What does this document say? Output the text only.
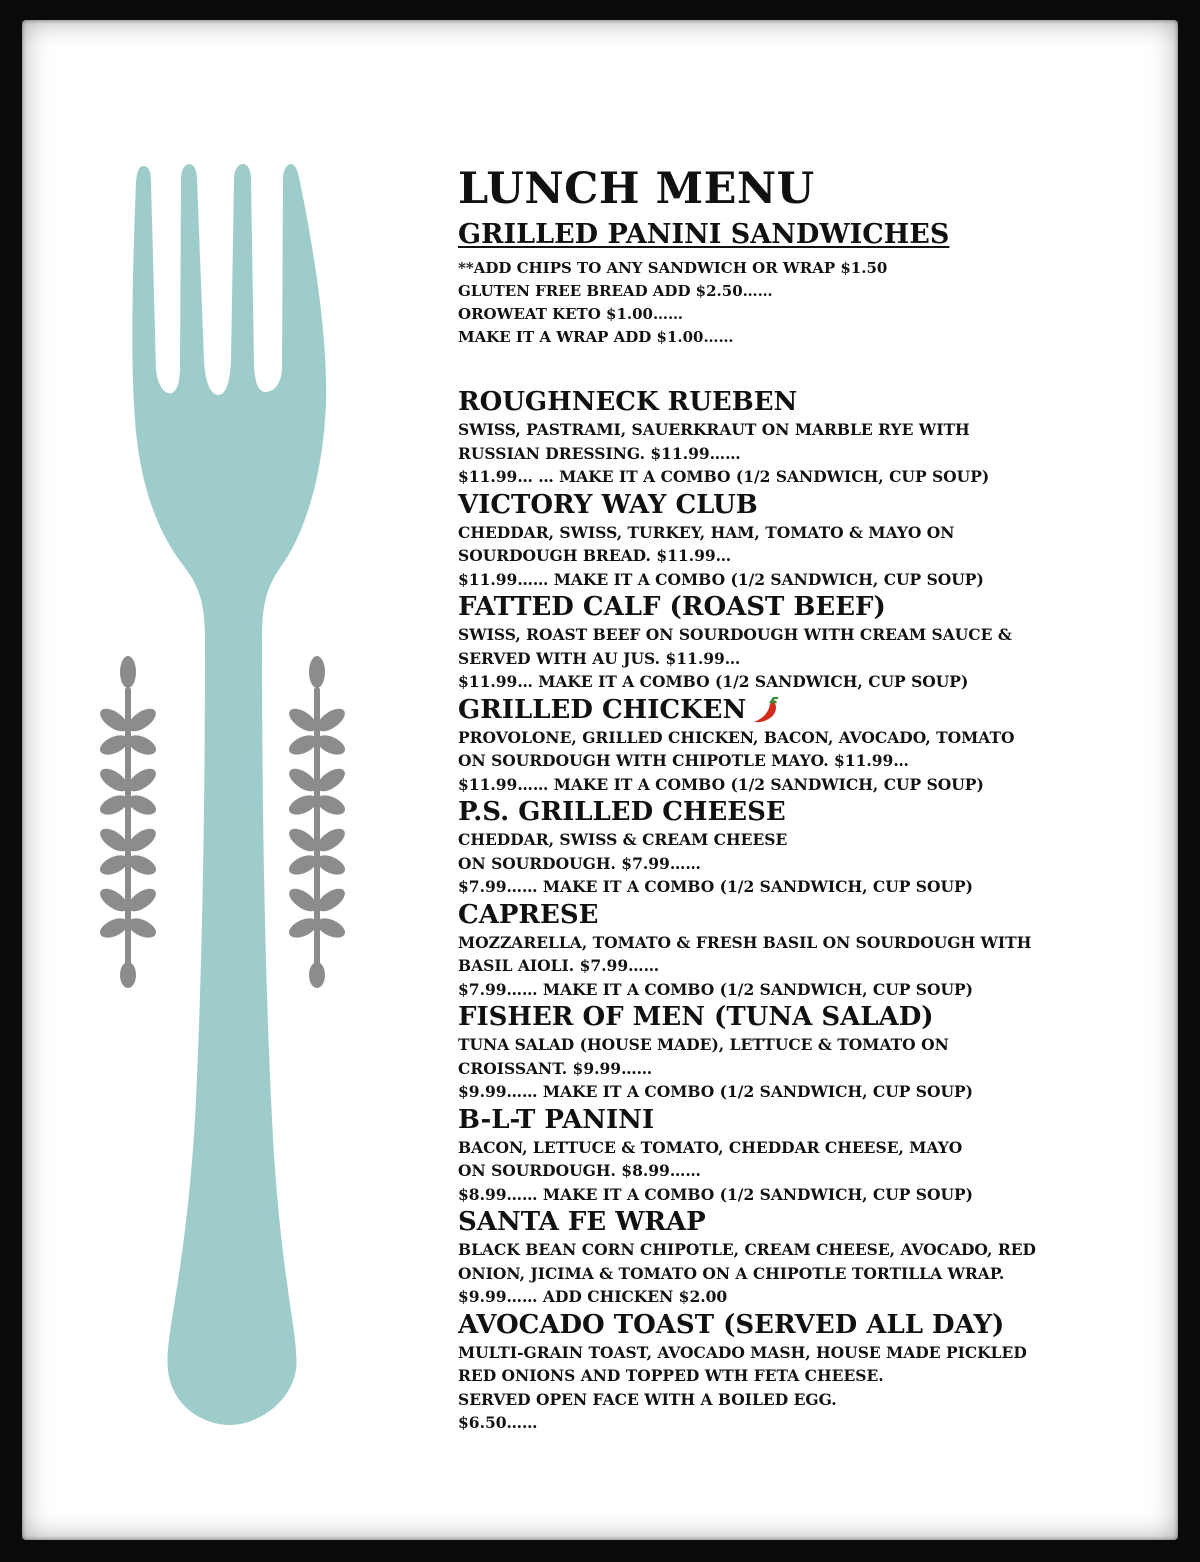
LUNCH MENU
GRILLED PANINI SANDWICHES

**ADD CHIPS TO ANY SANDWICH OR WRAP $1.50

GLUTEN FREE BREAD ADD $2.50……

OROWEAT KETO $1.00……

MAKE IT A WRAP ADD $1.00……

ROUGHNECK RUEBEN

SWISS, PASTRAMI, SAUERKRAUT ON MARBLE RYE WITH

RUSSIAN DRESSING. $11.99……

$11.99… … MAKE IT A COMBO (1/2 SANDWICH, CUP SOUP)

VICTORY WAY CLUB

CHEDDAR, SWISS, TURKEY, HAM, TOMATO & MAYO ON

SOURDOUGH BREAD. $11.99…

$11.99…… MAKE IT A COMBO (1/2 SANDWICH, CUP SOUP)

FATTED CALF (ROAST BEEF)

SWISS, ROAST BEEF ON SOURDOUGH WITH CREAM SAUCE &

SERVED WITH AU JUS. $11.99…

$11.99… MAKE IT A COMBO (1/2 SANDWICH, CUP SOUP)

GRILLED CHICKEN

PROVOLONE, GRILLED CHICKEN, BACON, AVOCADO, TOMATO

ON SOURDOUGH WITH CHIPOTLE MAYO. $11.99…

$11.99…… MAKE IT A COMBO (1/2 SANDWICH, CUP SOUP)

P.S. GRILLED CHEESE

CHEDDAR, SWISS & CREAM CHEESE

ON SOURDOUGH. $7.99……

$7.99…… MAKE IT A COMBO (1/2 SANDWICH, CUP SOUP)

CAPRESE

MOZZARELLA, TOMATO & FRESH BASIL ON SOURDOUGH WITH

BASIL AIOLI. $7.99……

$7.99…… MAKE IT A COMBO (1/2 SANDWICH, CUP SOUP)

FISHER OF MEN (TUNA SALAD)

TUNA SALAD (HOUSE MADE), LETTUCE & TOMATO ON

CROISSANT. $9.99……

$9.99…… MAKE IT A COMBO (1/2 SANDWICH, CUP SOUP)

B-L-T PANINI

BACON, LETTUCE & TOMATO, CHEDDAR CHEESE, MAYO

ON SOURDOUGH. $8.99……

$8.99…… MAKE IT A COMBO (1/2 SANDWICH, CUP SOUP)

SANTA FE WRAP

BLACK BEAN CORN CHIPOTLE, CREAM CHEESE, AVOCADO, RED

ONION, JICIMA & TOMATO ON A CHIPOTLE TORTILLA WRAP.

$9.99…… ADD CHICKEN $2.00

AVOCADO TOAST (SERVED ALL DAY)

MULTI-GRAIN TOAST, AVOCADO MASH, HOUSE MADE PICKLED

RED ONIONS AND TOPPED WTH FETA CHEESE.

SERVED OPEN FACE WITH A BOILED EGG.

$6.50……
